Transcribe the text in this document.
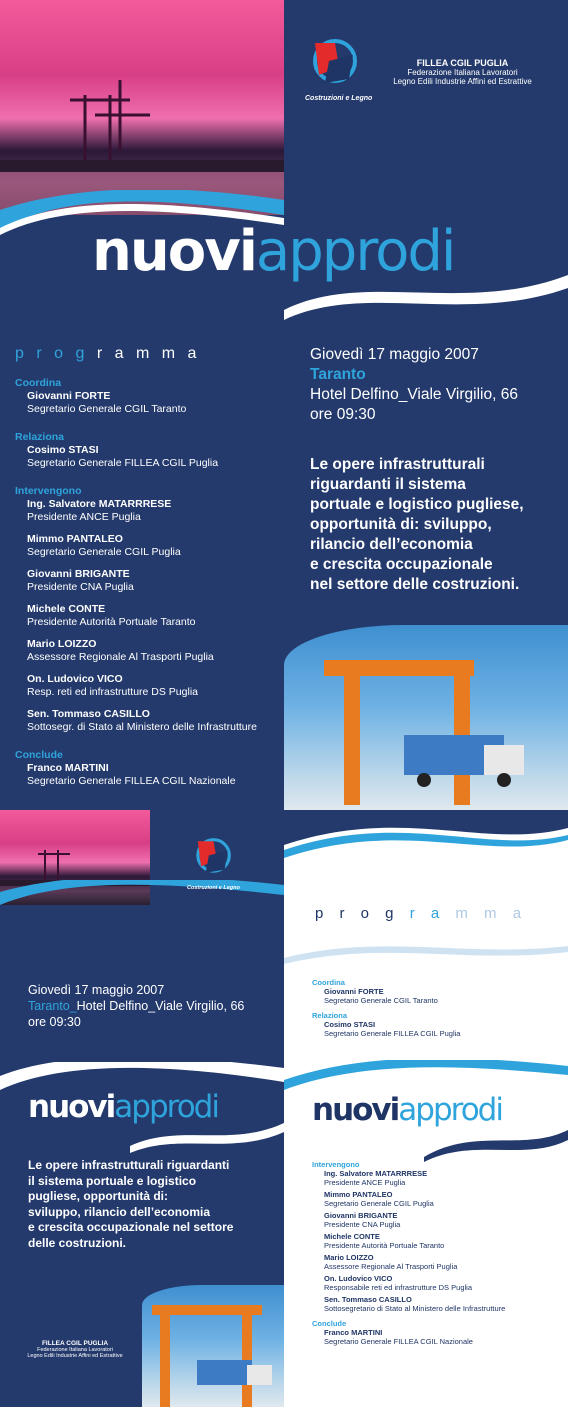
Costruzioni e Legno
FILLEA CGIL PUGLIA
Federazione Italiana Lavoratori
Legno Edili Industrie Affini ed Estrattive
nuoviapprodi
p r o g r a m m a
Coordina
Giovanni FORTE
Segretario Generale CGIL Taranto
Relaziona
Cosimo STASI
Segretario Generale FILLEA CGIL Puglia
Intervengono
Ing. Salvatore MATARRRESE
Presidente ANCE Puglia
Mimmo PANTALEO
Segretario Generale CGIL Puglia
Giovanni BRIGANTE
Presidente CNA Puglia
Michele CONTE
Presidente Autorità Portuale Taranto
Mario LOIZZO
Assessore Regionale Al Trasporti Puglia
On. Ludovico VICO
Resp. reti ed infrastrutture DS Puglia
Sen. Tommaso CASILLO
Sottosegr. di Stato al Ministero delle Infrastrutture
Conclude
Franco MARTINI
Segretario Generale FILLEA CGIL Nazionale
Giovedì 17 maggio 2007
Taranto
Hotel Delfino_Viale Virgilio, 66
ore 09:30
Le opere infrastrutturali
riguardanti il sistema
portuale e logistico pugliese,
opportunità di: sviluppo,
rilancio dell’economia
e crescita occupazionale
nel settore delle costruzioni.
Costruzioni e Legno
Giovedì 17 maggio 2007
Taranto_Hotel Delfino_Viale Virgilio, 66
ore 09:30
nuoviapprodi
Le opere infrastrutturali riguardanti
il sistema portuale e logistico
pugliese, opportunità di:
sviluppo, rilancio dell’economia
e crescita occupazionale nel settore
delle costruzioni.
FILLEA CGIL PUGLIA
Federazione Italiana Lavoratori
Legno Edili Industrie Affini ed Estrattive
p r o g r a m m a
Coordina
Giovanni FORTE
Segretario Generale CGIL Taranto
Relaziona
Cosimo STASI
Segretario Generale FILLEA CGIL Puglia
nuoviapprodi
Intervengono
Ing. Salvatore MATARRRESE
Presidente ANCE Puglia
Mimmo PANTALEO
Segretario Generale CGIL Puglia
Giovanni BRIGANTE
Presidente CNA Puglia
Michele CONTE
Presidente Autorità Portuale Taranto
Mario LOIZZO
Assessore Regionale Al Trasporti Puglia
On. Ludovico VICO
Responsabile reti ed infrastrutture DS Puglia
Sen. Tommaso CASILLO
Sottosegretario di Stato al Ministero delle Infrastrutture
Conclude
Franco MARTINI
Segretario Generale FILLEA CGIL Nazionale
